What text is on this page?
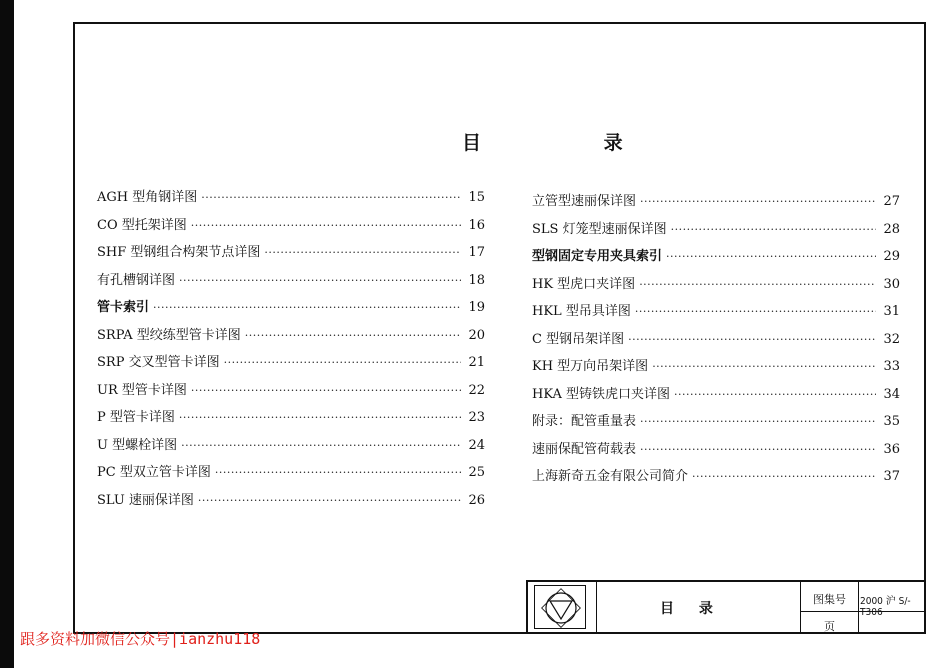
目 录
AGH 型角钢详图 ·····	15
CO 型托架详图 ·····	16
SHF 型钢组合构架节点详图 ·····	17
有孔槽钢详图 ·····	18
管卡索引 ·····	19
SRPA 型绞练型管卡详图 ·····	20
SRP 交叉型管卡详图 ·····	21
UR 型管卡详图 ·····	22
P 型管卡详图 ·····	23
U 型螺栓详图 ·····	24
PC 型双立管卡详图 ·····	25
SLU 速丽保详图 ·····	26
立管型速丽保详图 ·····	27
SLS 灯笼型速丽保详图 ·····	28
型钢固定专用夹具索引 ·····	29
HK 型虎口夹详图 ·····	30
HKL 型吊具详图 ·····	31
C 型钢吊架详图 ·····	32
KH 型万向吊架详图 ·····	33
HKA 型铸铁虎口夹详图 ·····	34
附录：配管重量表 ·····	35
速丽保配管荷载表 ·····	36
上海新奇五金有限公司简介 ·····	37
目 录
图集号 2000 沪 S/-T306
页
跟多资料加微信公众号|ianzhu118
